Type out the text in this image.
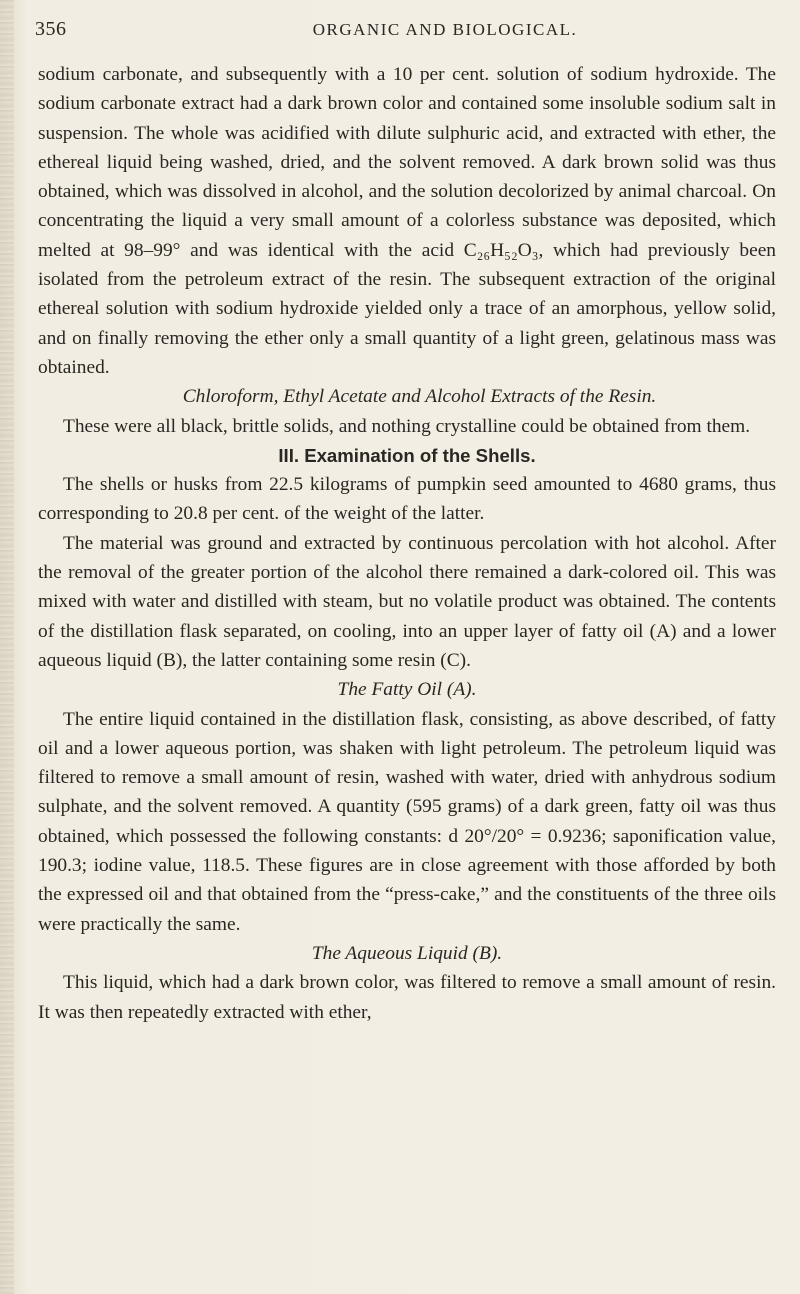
356	ORGANIC AND BIOLOGICAL.

sodium carbonate, and subsequently with a 10 per cent. solution of sodium hydroxide. The sodium carbonate extract had a dark brown color and contained some insoluble sodium salt in suspension. The whole was acidified with dilute sulphuric acid, and extracted with ether, the ethereal liquid being washed, dried, and the solvent removed. A dark brown solid was thus obtained, which was dissolved in alcohol, and the solution decolorized by animal charcoal. On concentrating the liquid a very small amount of a colorless substance was deposited, which melted at 98–99° and was identical with the acid C₂₆H₅₂O₃, which had previously been isolated from the petroleum extract of the resin. The subsequent extraction of the original ethereal solution with sodium hydroxide yielded only a trace of an amorphous, yellow solid, and on finally removing the ether only a small quantity of a light green, gelatinous mass was obtained.

Chloroform, Ethyl Acetate and Alcohol Extracts of the Resin.

These were all black, brittle solids, and nothing crystalline could be obtained from them.

III. Examination of the Shells.

The shells or husks from 22.5 kilograms of pumpkin seed amounted to 4680 grams, thus corresponding to 20.8 per cent. of the weight of the latter.

The material was ground and extracted by continuous percolation with hot alcohol. After the removal of the greater portion of the alcohol there remained a dark-colored oil. This was mixed with water and distilled with steam, but no volatile product was obtained. The contents of the distillation flask separated, on cooling, into an upper layer of fatty oil (A) and a lower aqueous liquid (B), the latter containing some resin (C).

The Fatty Oil (A).

The entire liquid contained in the distillation flask, consisting, as above described, of fatty oil and a lower aqueous portion, was shaken with light petroleum. The petroleum liquid was filtered to remove a small amount of resin, washed with water, dried with anhydrous sodium sulphate, and the solvent removed. A quantity (595 grams) of a dark green, fatty oil was thus obtained, which possessed the following constants: d 20°/20° = 0.9236; saponification value, 190.3; iodine value, 118.5. These figures are in close agreement with those afforded by both the expressed oil and that obtained from the “press-cake,” and the constituents of the three oils were practically the same.

The Aqueous Liquid (B).

This liquid, which had a dark brown color, was filtered to remove a small amount of resin. It was then repeatedly extracted with ether,
